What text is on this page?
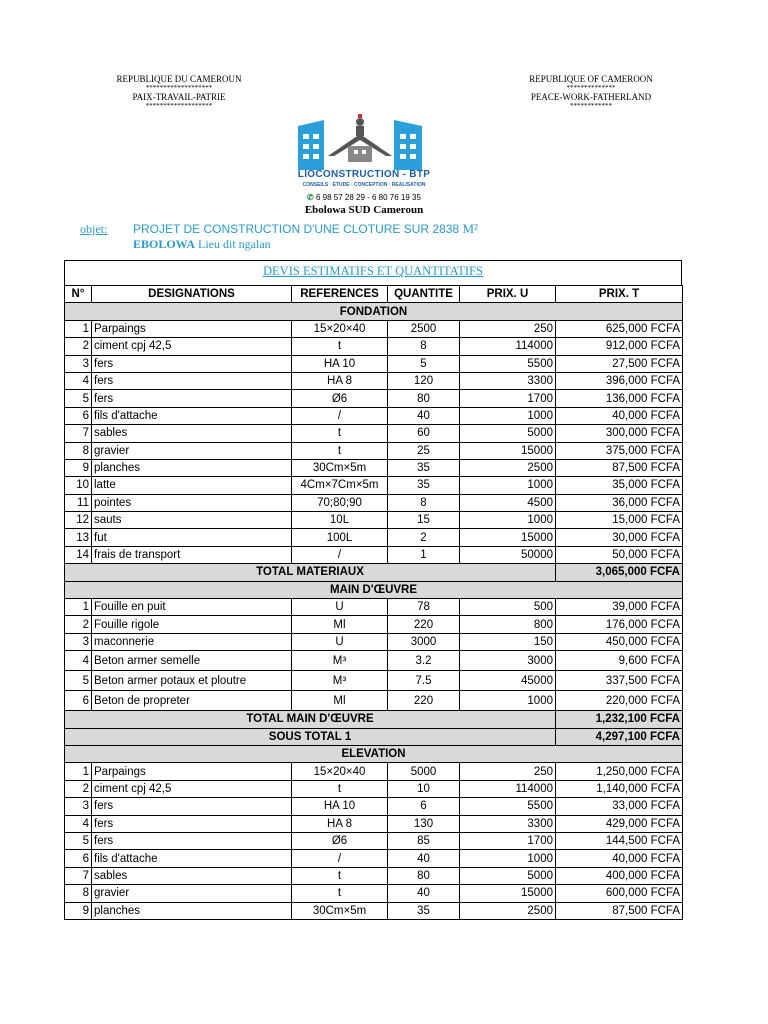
REPUBLIQUE DU CAMEROUN
*******************
PAIX-TRAVAIL-PATRIE
*******************
REPUBLIQUE OF CAMEROON
**************
PEACE-WORK-FATHERLAND
************
LIOCONSTRUCTION - BTP
CONSEILS · ETUDE · CONCEPTION · REALISATION
✆ 6 98 57 28 29 - 6 80 76 19 35
Ebolowa SUD Cameroun
objet: PROJET DE CONSTRUCTION D'UNE CLOTURE SUR 2838 M²
EBOLOWA Lieu dit ngalan
DEVIS ESTIMATIFS ET QUANTITATIFS
N°	DESIGNATIONS	REFERENCES	QUANTITE	PRIX. U	PRIX. T
FONDATION					
1	Parpaings	15×20×40	2500	250	625,000 FCFA
2	ciment cpj 42,5	t	8	114000	912,000 FCFA
3	fers	HA 10	5	5500	27,500 FCFA
4	fers	HA 8	120	3300	396,000 FCFA
5	fers	Ø6	80	1700	136,000 FCFA
6	fils d'attache	/	40	1000	40,000 FCFA
7	sables	t	60	5000	300,000 FCFA
8	gravier	t	25	15000	375,000 FCFA
9	planches	30Cm×5m	35	2500	87,500 FCFA
10	latte	4Cm×7Cm×5m	35	1000	35,000 FCFA
11	pointes	70;80;90	8	4500	36,000 FCFA
12	sauts	10L	15	1000	15,000 FCFA
13	fut	100L	2	15000	30,000 FCFA
14	frais de transport	/	1	50000	50,000 FCFA
TOTAL MATERIAUX					3,065,000 FCFA
MAIN D'ŒUVRE					
1	Fouille en puit	U	78	500	39,000 FCFA
2	Fouille rigole	Ml	220	800	176,000 FCFA
3	maconnerie	U	3000	150	450,000 FCFA
4	Beton armer semelle	M³	3.2	3000	9,600 FCFA
5	Beton armer potaux et ploutre	M³	7.5	45000	337,500 FCFA
6	Beton de propreter	Ml	220	1000	220,000 FCFA
TOTAL MAIN D'ŒUVRE					1,232,100 FCFA
SOUS TOTAL 1					4,297,100 FCFA
ELEVATION					
1	Parpaings	15×20×40	5000	250	1,250,000 FCFA
2	ciment cpj 42,5	t	10	114000	1,140,000 FCFA
3	fers	HA 10	6	5500	33,000 FCFA
4	fers	HA 8	130	3300	429,000 FCFA
5	fers	Ø6	85	1700	144,500 FCFA
6	fils d'attache	/	40	1000	40,000 FCFA
7	sables	t	80	5000	400,000 FCFA
8	gravier	t	40	15000	600,000 FCFA
9	planches	30Cm×5m	35	2500	87,500 FCFA
